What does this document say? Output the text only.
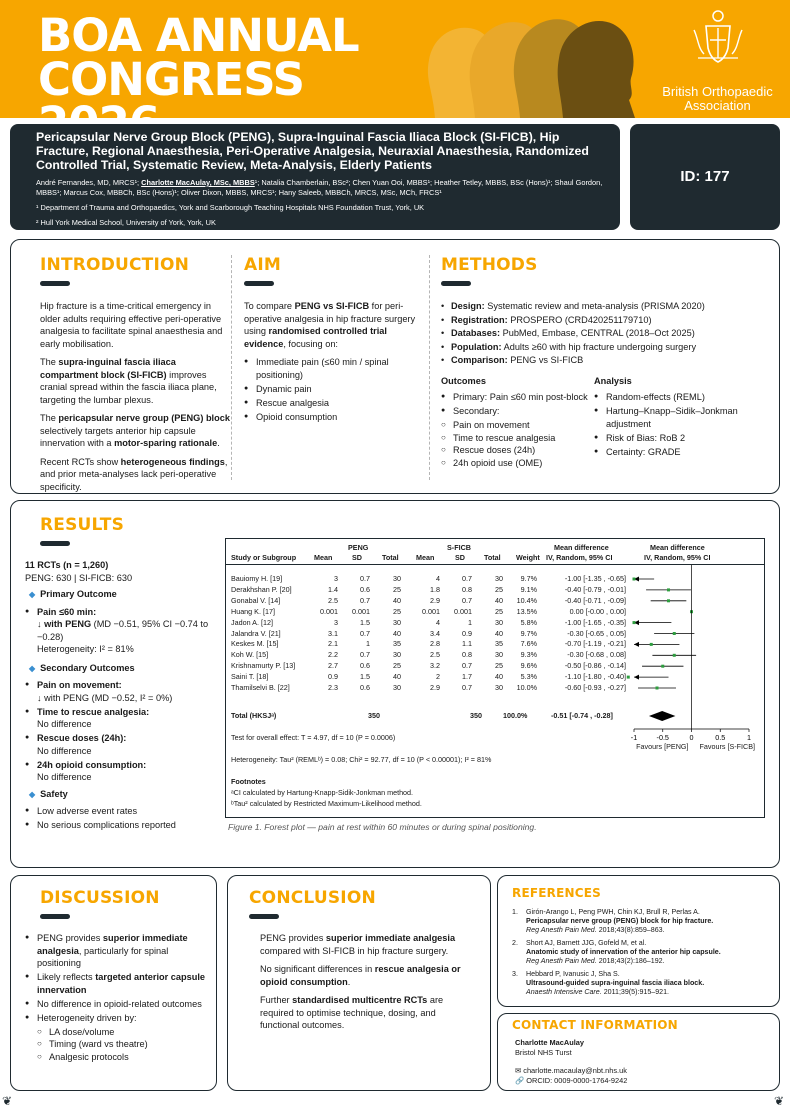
BOA ANNUAL
CONGRESS	British Orthopaedic
Association
Pericapsular Nerve Group Block (PENG), Supra-Inguinal Fascia Iliaca Block (SI-FICB), Hip Fracture, Regional Anaesthesia, Peri-Operative Analgesia, Neuraxial Anaesthesia, Randomized Controlled Trial, Systematic Review, Meta-Analysis, Elderly Patients
André Fernandes, MD, MRCS¹; Charlotte MacAulay, MSc, MBBS¹; Natalia Chamberlain, BSc²; Chen Yuan Ooi, MBBS¹; Heather Tetley, MBBS, BSc (Hons)¹; Shaul Gordon, MBBS¹; Marcus Cox, MBBCh, BSc (Hons)¹; Oliver Dixon, MBBS, MRCS¹; Hany Saleeb, MBBCh, MRCS, MSc, MCh, FRCS¹
¹ Department of Trauma and Orthopaedics, York and Scarborough Teaching Hospitals NHS Foundation Trust, York, UK
² Hull York Medical School, University of York, York, UK
ID: 177
INTRODUCTION

Hip fracture is a time-critical emergency in older adults requiring effective peri-operative analgesia to facilitate spinal anaesthesia and early mobilisation.

The supra-inguinal fascia iliaca compartment block (SI-FICB) improves cranial spread within the fascia iliaca plane, targeting the lumbar plexus.

The pericapsular nerve group (PENG) block selectively targets anterior hip capsule innervation with a motor-sparing rationale.

Recent RCTs show heterogeneous findings, and prior meta-analyses lack peri-operative specificity.

AIM

To compare PENG vs SI-FICB for peri-operative analgesia in hip fracture surgery using randomised controlled trial evidence, focusing on:

● Immediate pain (≤60 min / spinal positioning)
● Dynamic pain
● Rescue analgesia
● Opioid consumption
METHODS
• Design: Systematic review and meta-analysis (PRISMA 2020)
• Registration: PROSPERO (CRD420251179710)
• Databases: PubMed, Embase, CENTRAL (2018–Oct 2025)
• Population: Adults ≥60 with hip fracture undergoing surgery
• Comparison: PENG vs SI-FICB
Outcomes
● Primary: Pain ≤60 min post-block
● Secondary:
○ Pain on movement
○ Time to rescue analgesia
○ Rescue doses (24h)
○ 24h opioid use (OME)
Analysis
● Random-effects (REML)
● Hartung–Knapp–Sidik–Jonkman adjustment
● Risk of Bias: RoB 2
● Certainty: GRADE
RESULTS
11 RCTs (n = 1,260)
PENG: 630 | SI-FICB: 630
◆ Primary Outcome
● Pain ≤60 min:
↓ with PENG (MD −0.51, 95% CI −0.74 to −0.28)
Heterogeneity: I² = 81%
◆ Secondary Outcomes
● Pain on movement:
↓ with PENG (MD −0.52, I² = 0%)
● Time to rescue analgesia:
No difference
● Rescue doses (24h):
No difference
● 24h opioid consumption:
No difference
◆ Safety
● Low adverse event rates
● No serious complications reported
PENG	S-FICB	Mean difference	Mean difference
Study or Subgroup Mean	SD	Total Mean	SD	Total Weight IV, Random, 95% CI	IV, Random, 95% CI
Bauiomy H. [19]	3	0.7	30	4	0.7	30 9.7%	-1.00 [-1.35 , -0.65]
Derakhshan P. [20]	1.4	0.6	25	1.8	0.8	25 9.1%	-0.40 [-0.79 , -0.01]
Gonabal V. [14]	2.5	0.7	40	2.9	0.7	40 10.4%	-0.40 [-0.71 , -0.09]
Huang K. [17]	0.001 0.001	25	0.001 0.001	25 13.5%	0.00 [-0.00 , 0.00]
Jadon A. [12]	3	1.5	30	4	1	30 5.8%	-1.00 [-1.65 , -0.35]
Jalandra V. [21]	3.1	0.7	40	3.4	0.9	40 9.7%	-0.30 [-0.65 , 0.05]
Keskes M. [15]	2.1	1	35	2.8	1.1	35 7.6%	-0.70 [-1.19 , -0.21]
Koh W. [15]	2.2	0.7	30	2.5	0.8	30 9.3%	-0.30 [-0.68 , 0.08]
Krishnamurty P. [13]	2.7	0.6	25	3.2	0.7	25 9.6%	-0.50 [-0.86 , -0.14]
Saini T. [18]	0.9	1.5	40	2	1.7	40 5.3%	-1.10 [-1.80 , -0.40]
Thamilselvi B. [22]	2.3	0.6	30	2.9	0.7	30 10.0%	-0.60 [-0.93 , -0.27]
Total (HKSJᵃ)	350	350	100.0%	-0.51 [-0.74 , -0.28]
Test for overall effect: T = 4.97, df = 10 (P = 0.0006)
Heterogeneity: Tau² (REMLᵇ) = 0.08; Chi² = 92.77, df = 10 (P < 0.00001); I² = 81%
Footnotes
ᵃCI calculated by Hartung-Knapp-Sidik-Jonkman method.
ᵇTau² calculated by Restricted Maximum-Likelihood method.
Favours [PENG] Favours [S-FICB]
-1	-0.5	0	0.5	1
Figure 1. Forest plot — pain at rest within 60 minutes or during spinal positioning.
DISCUSSION
● PENG provides superior immediate analgesia, particularly for spinal positioning
● Likely reflects targeted anterior capsule innervation
● No difference in opioid-related outcomes
● Heterogeneity driven by:
○ LA dose/volume
○ Timing (ward vs theatre)
○ Analgesic protocols
CONCLUSION

PENG provides superior immediate analgesia compared with SI-FICB in hip fracture surgery.

No significant differences in rescue analgesia or opioid consumption.

Further standardised multicentre RCTs are required to optimise technique, dosing, and functional outcomes.

REFERENCES
1. Girón-Arango L, Peng PWH, Chin KJ, Brull R, Perlas A.
Pericapsular nerve group (PENG) block for hip fracture.
Reg Anesth Pain Med. 2018;43(8):859–863.
2. Short AJ, Barnett JJG, Gofeld M, et al.
Anatomic study of innervation of the anterior hip capsule.
Reg Anesth Pain Med. 2018;43(2):186–192.
3. Hebbard P, Ivanusic J, Sha S.
Ultrasound-guided supra-inguinal fascia iliaca block.
Anaesth Intensive Care. 2011;39(5):915–921.
CONTACT INFORMATION
Charlotte MacAulay
Bristol NHS Turst
✉ charlotte.macaulay@nbt.nhs.uk
🔗 ORCID: 0009-0000-1764-9242
❦	❦
